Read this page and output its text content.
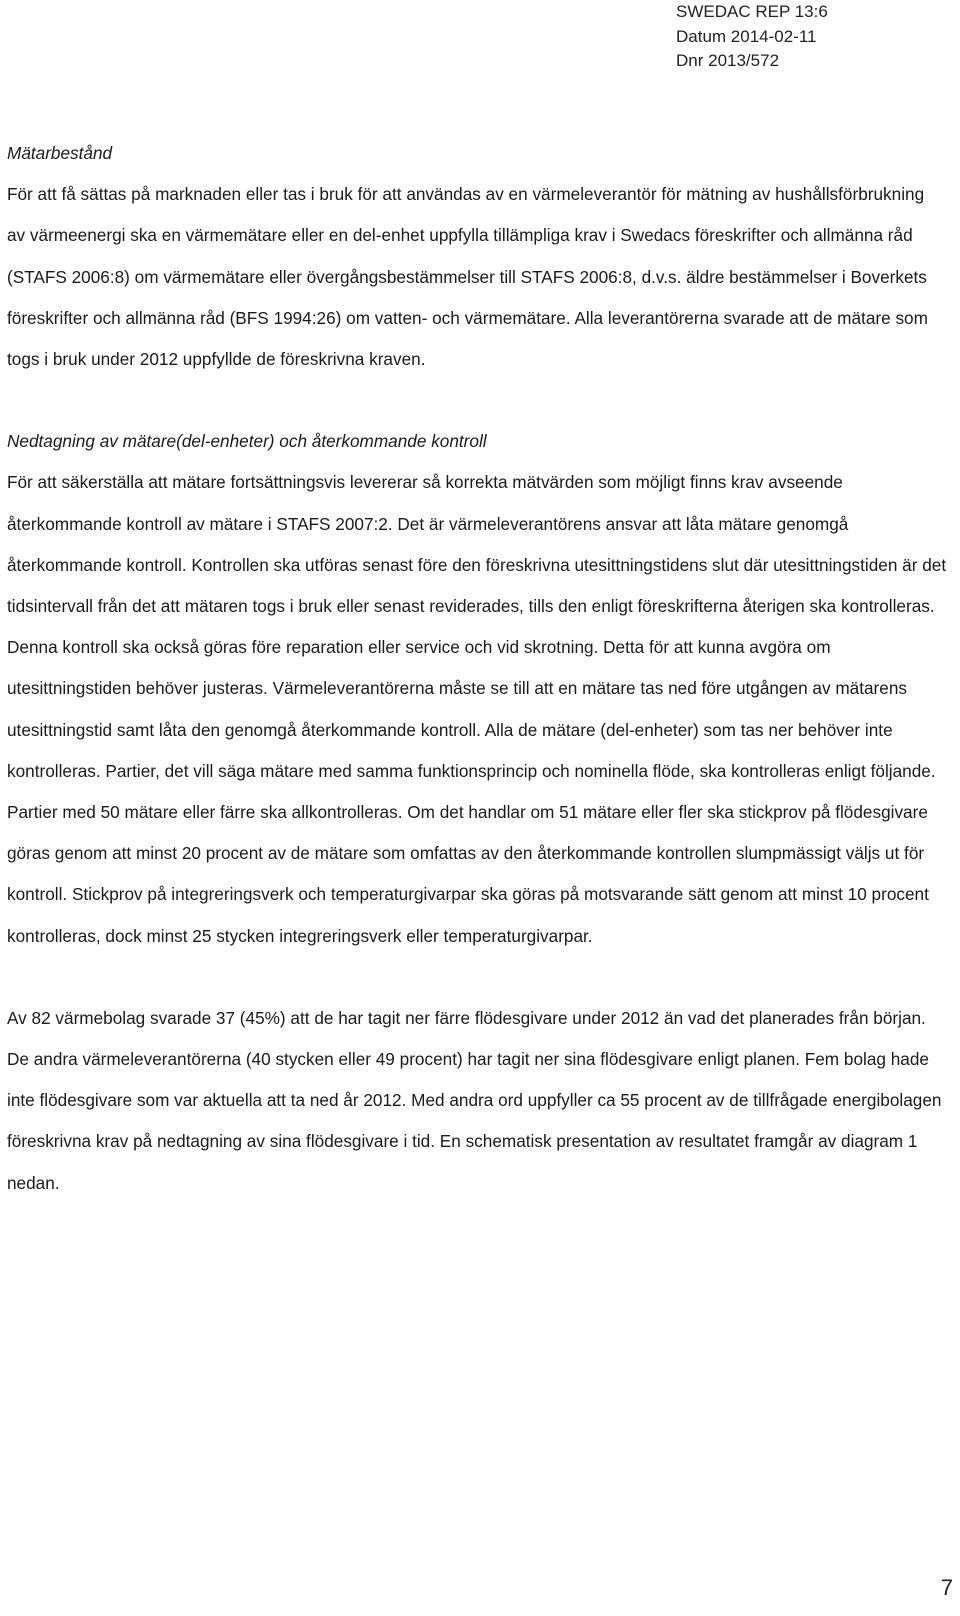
SWEDAC REP 13:6
Datum 2014-02-11
Dnr 2013/572

Mätarbestånd

För att få sättas på marknaden eller tas i bruk för att användas av en värmeleverantör för mätning av hushållsförbrukning av värmeenergi ska en värmemätare eller en del-enhet uppfylla tillämpliga krav i Swedacs föreskrifter och allmänna råd (STAFS 2006:8) om värmemätare eller övergångsbestämmelser till STAFS 2006:8, d.v.s. äldre bestämmelser i Boverkets föreskrifter och allmänna råd (BFS 1994:26) om vatten- och värmemätare. Alla leverantörerna svarade att de mätare som togs i bruk under 2012 uppfyllde de föreskrivna kraven.

Nedtagning av mätare(del-enheter) och återkommande kontroll

För att säkerställa att mätare fortsättningsvis levererar så korrekta mätvärden som möjligt finns krav avseende återkommande kontroll av mätare i STAFS 2007:2. Det är värmeleverantörens ansvar att låta mätare genomgå återkommande kontroll. Kontrollen ska utföras senast före den föreskrivna utesittningstidens slut där utesittningstiden är det tidsintervall från det att mätaren togs i bruk eller senast reviderades, tills den enligt föreskrifterna återigen ska kontrolleras. Denna kontroll ska också göras före reparation eller service och vid skrotning. Detta för att kunna avgöra om utesittningstiden behöver justeras. Värmeleverantörerna måste se till att en mätare tas ned före utgången av mätarens utesittningstid samt låta den genomgå återkommande kontroll. Alla de mätare (del-enheter) som tas ner behöver inte kontrolleras. Partier, det vill säga mätare med samma funktionsprincip och nominella flöde, ska kontrolleras enligt följande. Partier med 50 mätare eller färre ska allkontrolleras. Om det handlar om 51 mätare eller fler ska stickprov på flödesgivare göras genom att minst 20 procent av de mätare som omfattas av den återkommande kontrollen slumpmässigt väljs ut för kontroll. Stickprov på integreringsverk och temperaturgivarpar ska göras på motsvarande sätt genom att minst 10 procent kontrolleras, dock minst 25 stycken integreringsverk eller temperaturgivarpar.

Av 82 värmebolag svarade 37 (45%) att de har tagit ner färre flödesgivare under 2012 än vad det planerades från början. De andra värmeleverantörerna (40 stycken eller 49 procent) har tagit ner sina flödesgivare enligt planen. Fem bolag hade inte flödesgivare som var aktuella att ta ned år 2012. Med andra ord uppfyller ca 55 procent av de tillfrågade energibolagen föreskrivna krav på nedtagning av sina flödesgivare i tid. En schematisk presentation av resultatet framgår av diagram 1 nedan.

7
